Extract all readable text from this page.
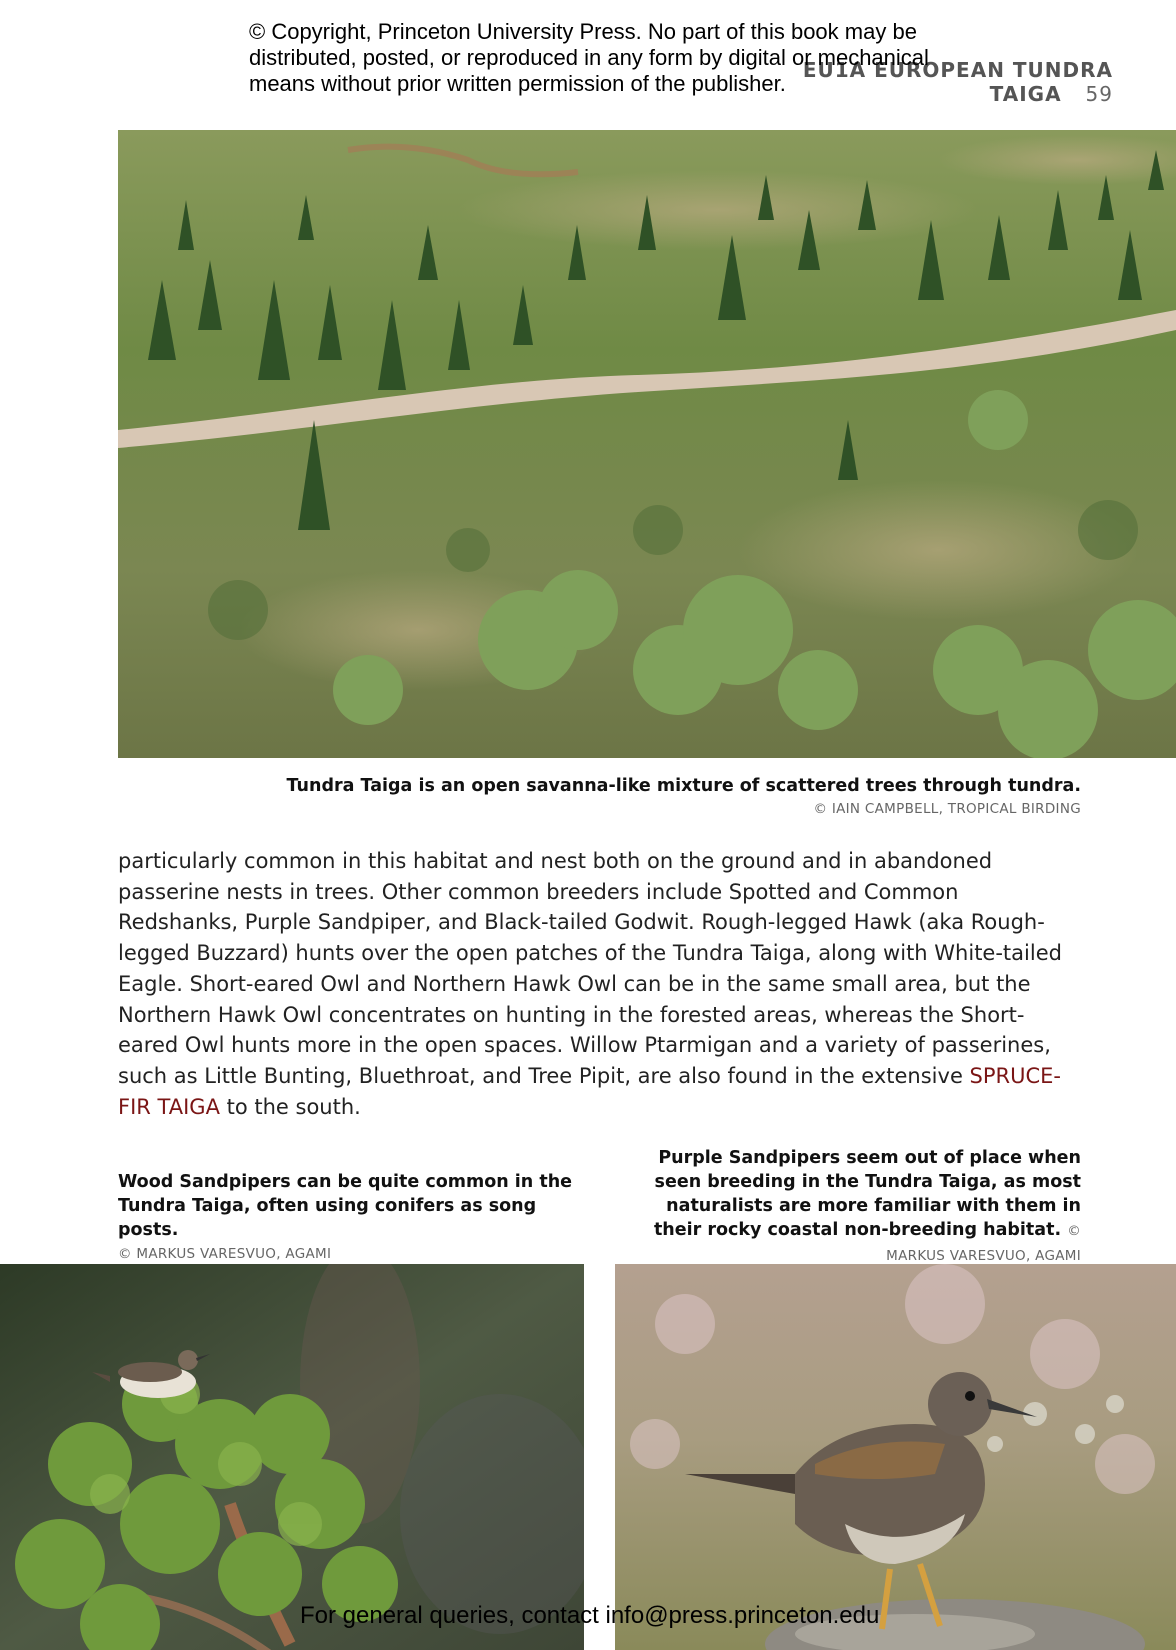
© Copyright, Princeton University Press. No part of this book may be
distributed, posted, or reproduced in any form by digital or mechanical
means without prior written permission of the publisher.
EU1A EUROPEAN TUNDRA TAIGA 59
Tundra Taiga is an open savanna-like mixture of scattered trees through tundra.
© IAIN CAMPBELL, TROPICAL BIRDING

particularly common in this habitat and nest both on the ground and in abandoned passerine nests in trees. Other common breeders include Spotted and Common Redshanks, Purple Sandpiper, and Black-tailed Godwit. Rough-legged Hawk (aka Rough-legged Buzzard) hunts over the open patches of the Tundra Taiga, along with White-tailed Eagle. Short-eared Owl and Northern Hawk Owl can be in the same small area, but the Northern Hawk Owl concentrates on hunting in the forested areas, whereas the Short-eared Owl hunts more in the open spaces. Willow Ptarmigan and a variety of passerines, such as Little Bunting, Bluethroat, and Tree Pipit, are also found in the extensive SPRUCE-FIR TAIGA to the south.

Wood Sandpipers can be quite common in the Tundra Taiga, often using conifers as song posts.
© MARKUS VARESVUO, AGAMI
Purple Sandpipers seem out of place when seen breeding in the Tundra Taiga, as most naturalists are more familiar with them in their rocky coastal non-breeding habitat. © MARKUS VARESVUO, AGAMI
For general queries, contact info@press.princeton.edu
